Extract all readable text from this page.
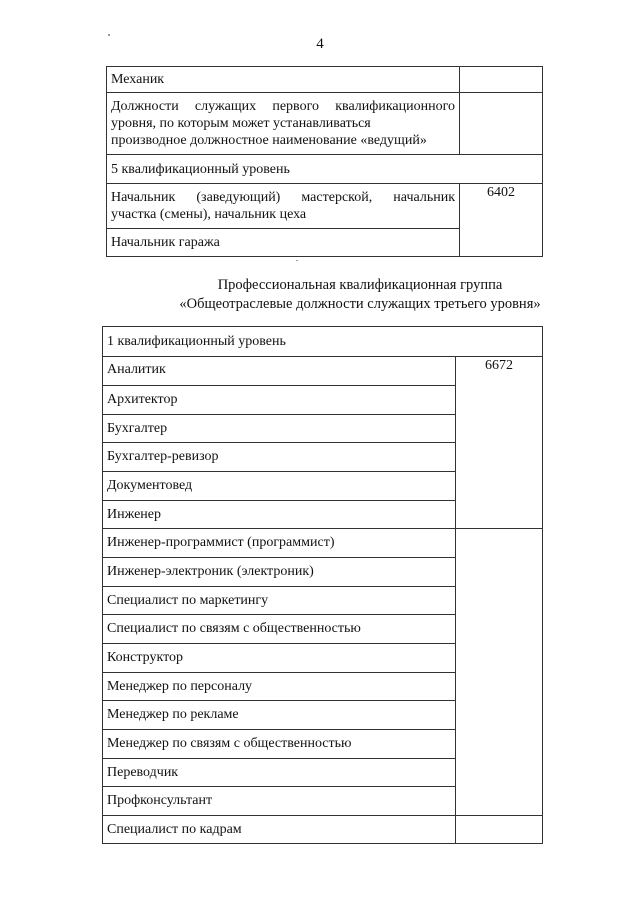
4
Механик	

Должности служащих первого квалификационного
уровня, по которым может устанавливаться
производное должностное наименование «ведущий»	

5 квалификационный уровень	

Начальник (заведующий) мастерской, начальник
участка (смены), начальник цеха	6402
Начальник гаража	
Профессиональная квалификационная группа
«Общеотраслевые должности служащих третьего уровня»
1 квалификационный уровень	
Аналитик	6672
Архитектор	
Бухгалтер	
Бухгалтер-ревизор	
Документовед	
Инженер	
Инженер-программист (программист)	
Инженер-электроник (электроник)	
Специалист по маркетингу	
Специалист по связям с общественностью	
Конструктор	
Менеджер по персоналу	
Менеджер по рекламе	
Менеджер по связям с общественностью	
Переводчик	
Профконсультант	
Специалист по кадрам	
